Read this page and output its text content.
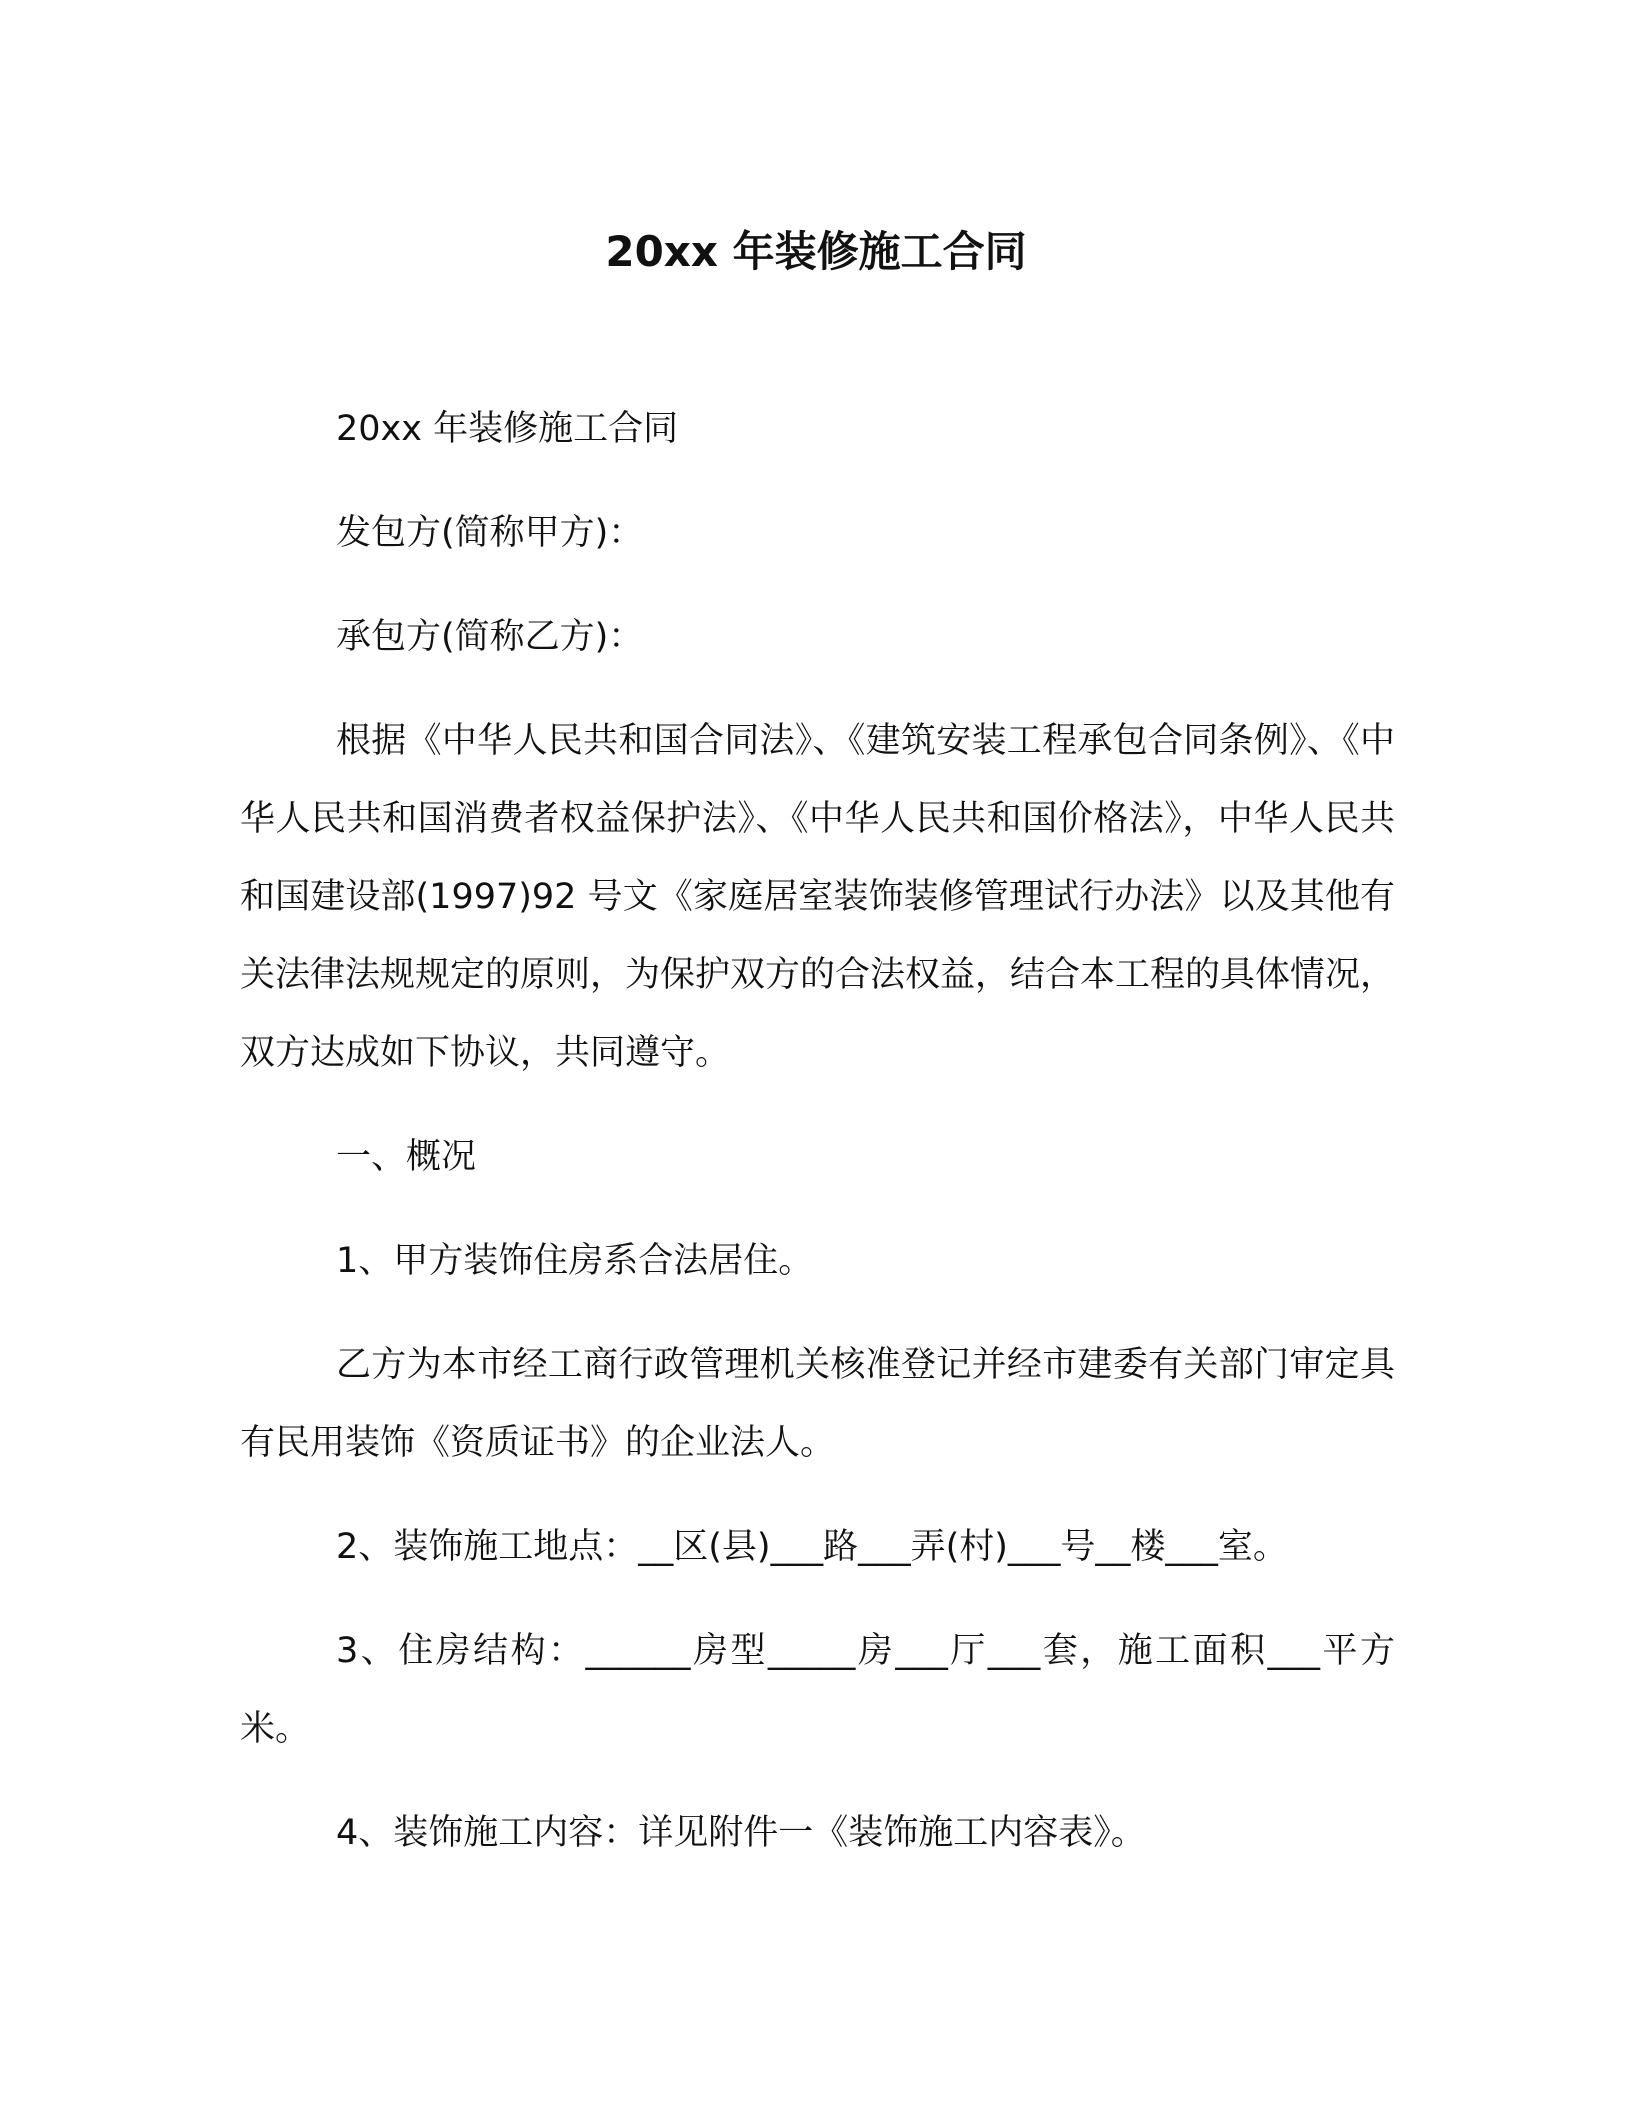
20xx 年装修施工合同

20xx 年装修施工合同

发包方(简称甲方)：

承包方(简称乙方)：

根据《中华人民共和国合同法》、《建筑安装工程承包合同条例》、《中华人民共和国消费者权益保护法》、《中华人民共和国价格法》，中华人民共和国建设部(1997)92 号文《家庭居室装饰装修管理试行办法》以及其他有关法律法规规定的原则，为保护双方的合法权益，结合本工程的具体情况，双方达成如下协议，共同遵守。

一、概况

1、甲方装饰住房系合法居住。

乙方为本市经工商行政管理机关核准登记并经市建委有关部门审定具有民用装饰《资质证书》的企业法人。

2、装饰施工地点：__区(县)___路___弄(村)___号__楼___室。

3、住房结构：______房型_____房___厅___套，施工面积___平方米。

4、装饰施工内容：详见附件一《装饰施工内容表》。
